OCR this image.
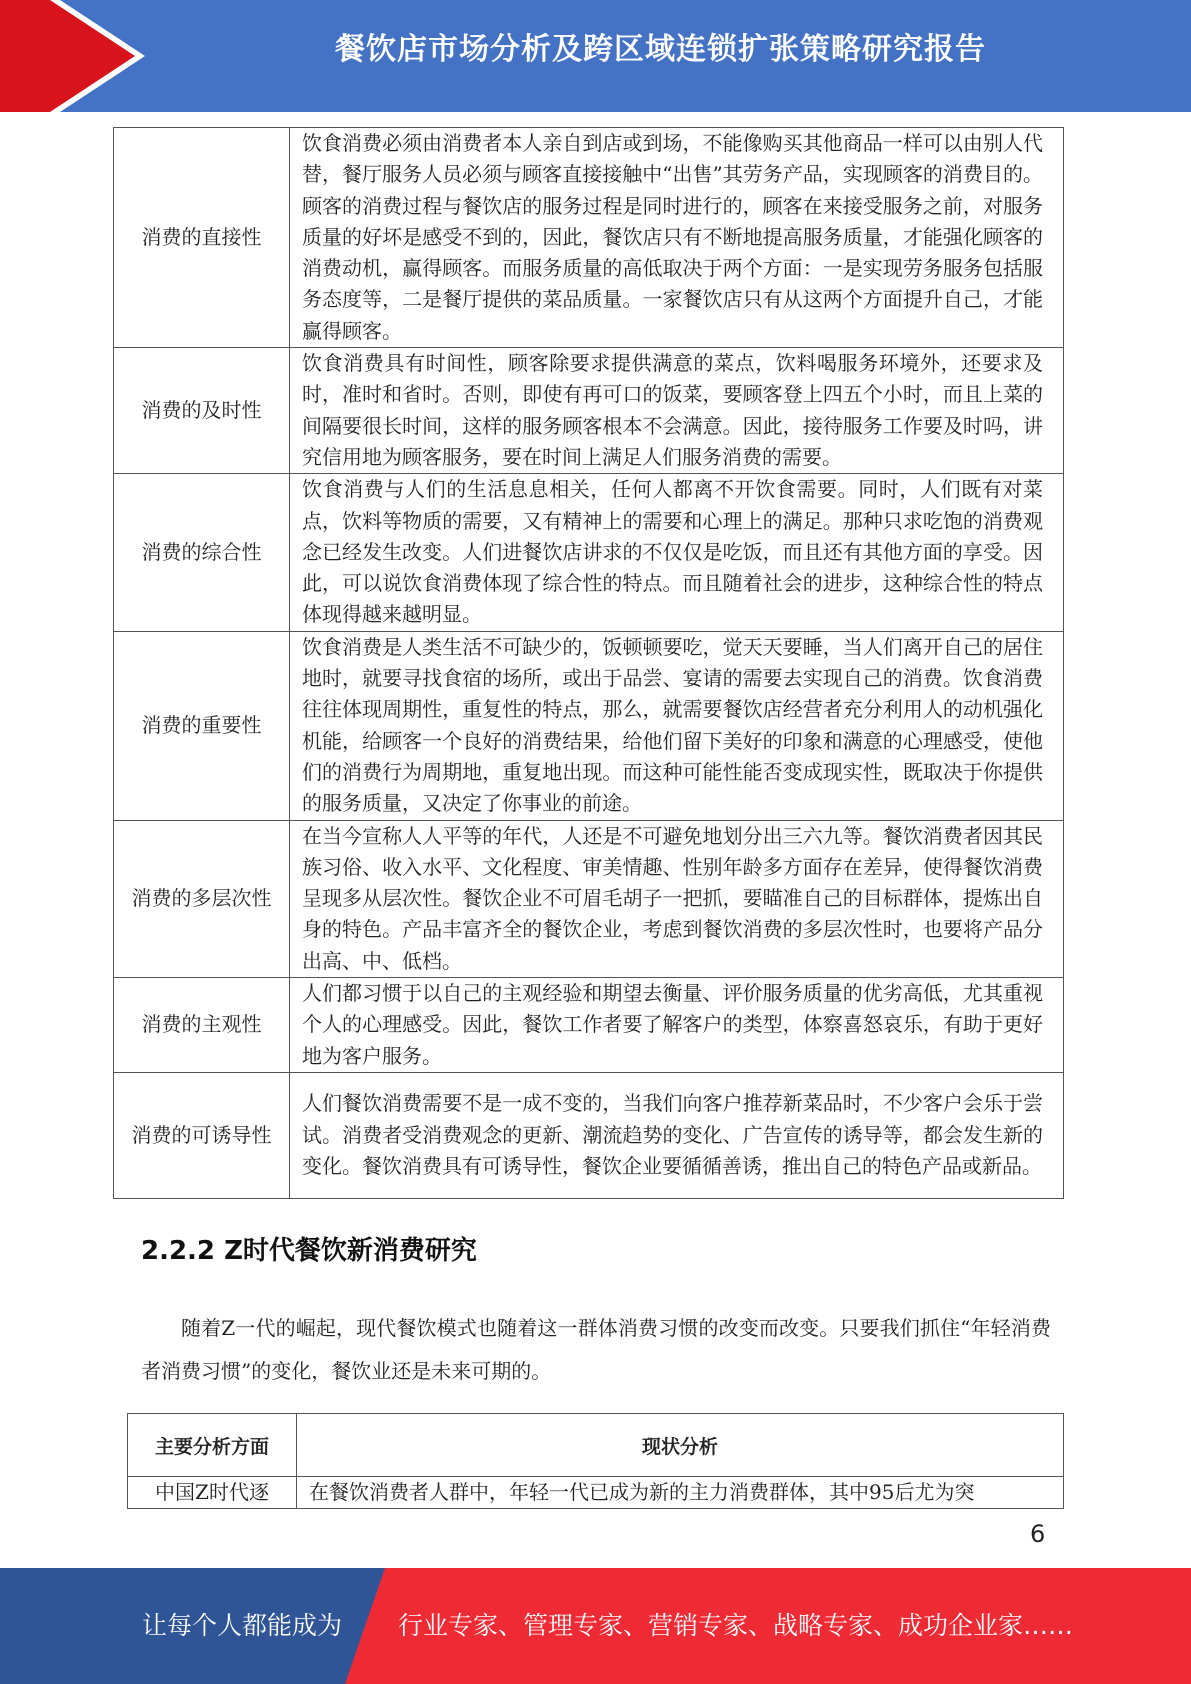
餐饮店市场分析及跨区域连锁扩张策略研究报告
消费的直接性	饮食消费必须由消费者本人亲自到店或到场，不能像购买其他商品一样可以由别人代替，餐厅服务人员必须与顾客直接接触中“出售”其劳务产品，实现顾客的消费目的。顾客的消费过程与餐饮店的服务过程是同时进行的，顾客在来接受服务之前，对服务质量的好坏是感受不到的，因此，餐饮店只有不断地提高服务质量，才能强化顾客的消费动机，赢得顾客。而服务质量的高低取决于两个方面：一是实现劳务服务包括服务态度等，二是餐厅提供的菜品质量。一家餐饮店只有从这两个方面提升自己，才能赢得顾客。
消费的及时性	饮食消费具有时间性，顾客除要求提供满意的菜点，饮料喝服务环境外，还要求及时，准时和省时。否则，即使有再可口的饭菜，要顾客登上四五个小时，而且上菜的间隔要很长时间，这样的服务顾客根本不会满意。因此，接待服务工作要及时吗，讲究信用地为顾客服务，要在时间上满足人们服务消费的需要。
消费的综合性	饮食消费与人们的生活息息相关，任何人都离不开饮食需要。同时，人们既有对菜点，饮料等物质的需要，又有精神上的需要和心理上的满足。那种只求吃饱的消费观念已经发生改变。人们进餐饮店讲求的不仅仅是吃饭，而且还有其他方面的享受。因此，可以说饮食消费体现了综合性的特点。而且随着社会的进步，这种综合性的特点体现得越来越明显。
消费的重要性	饮食消费是人类生活不可缺少的，饭顿顿要吃，觉天天要睡，当人们离开自己的居住地时，就要寻找食宿的场所，或出于品尝、宴请的需要去实现自己的消费。饮食消费往往体现周期性，重复性的特点，那么，就需要餐饮店经营者充分利用人的动机强化机能，给顾客一个良好的消费结果，给他们留下美好的印象和满意的心理感受，使他们的消费行为周期地，重复地出现。而这种可能性能否变成现实性，既取决于你提供的服务质量，又决定了你事业的前途。
消费的多层次性	在当今宣称人人平等的年代，人还是不可避免地划分出三六九等。餐饮消费者因其民族习俗、收入水平、文化程度、审美情趣、性别年龄多方面存在差异，使得餐饮消费呈现多从层次性。餐饮企业不可眉毛胡子一把抓，要瞄准自己的目标群体，提炼出自身的特色。产品丰富齐全的餐饮企业，考虑到餐饮消费的多层次性时，也要将产品分出高、中、低档。
消费的主观性	人们都习惯于以自己的主观经验和期望去衡量、评价服务质量的优劣高低，尤其重视个人的心理感受。因此，餐饮工作者要了解客户的类型，体察喜怒哀乐，有助于更好地为客户服务。
消费的可诱导性	人们餐饮消费需要不是一成不变的，当我们向客户推荐新菜品时，不少客户会乐于尝试。消费者受消费观念的更新、潮流趋势的变化、广告宣传的诱导等，都会发生新的变化。餐饮消费具有可诱导性，餐饮企业要循循善诱，推出自己的特色产品或新品。
2.2.2 Z时代餐饮新消费研究
随着Z一代的崛起，现代餐饮模式也随着这一群体消费习惯的改变而改变。只要我们抓住“年轻消费者消费习惯”的变化，餐饮业还是未来可期的。
主要分析方面	现状分析
中国Z时代逐	在餐饮消费者人群中，年轻一代已成为新的主力消费群体，其中95后尤为突
6
让每个人都能成为 行业专家、管理专家、营销专家、战略专家、成功企业家……
